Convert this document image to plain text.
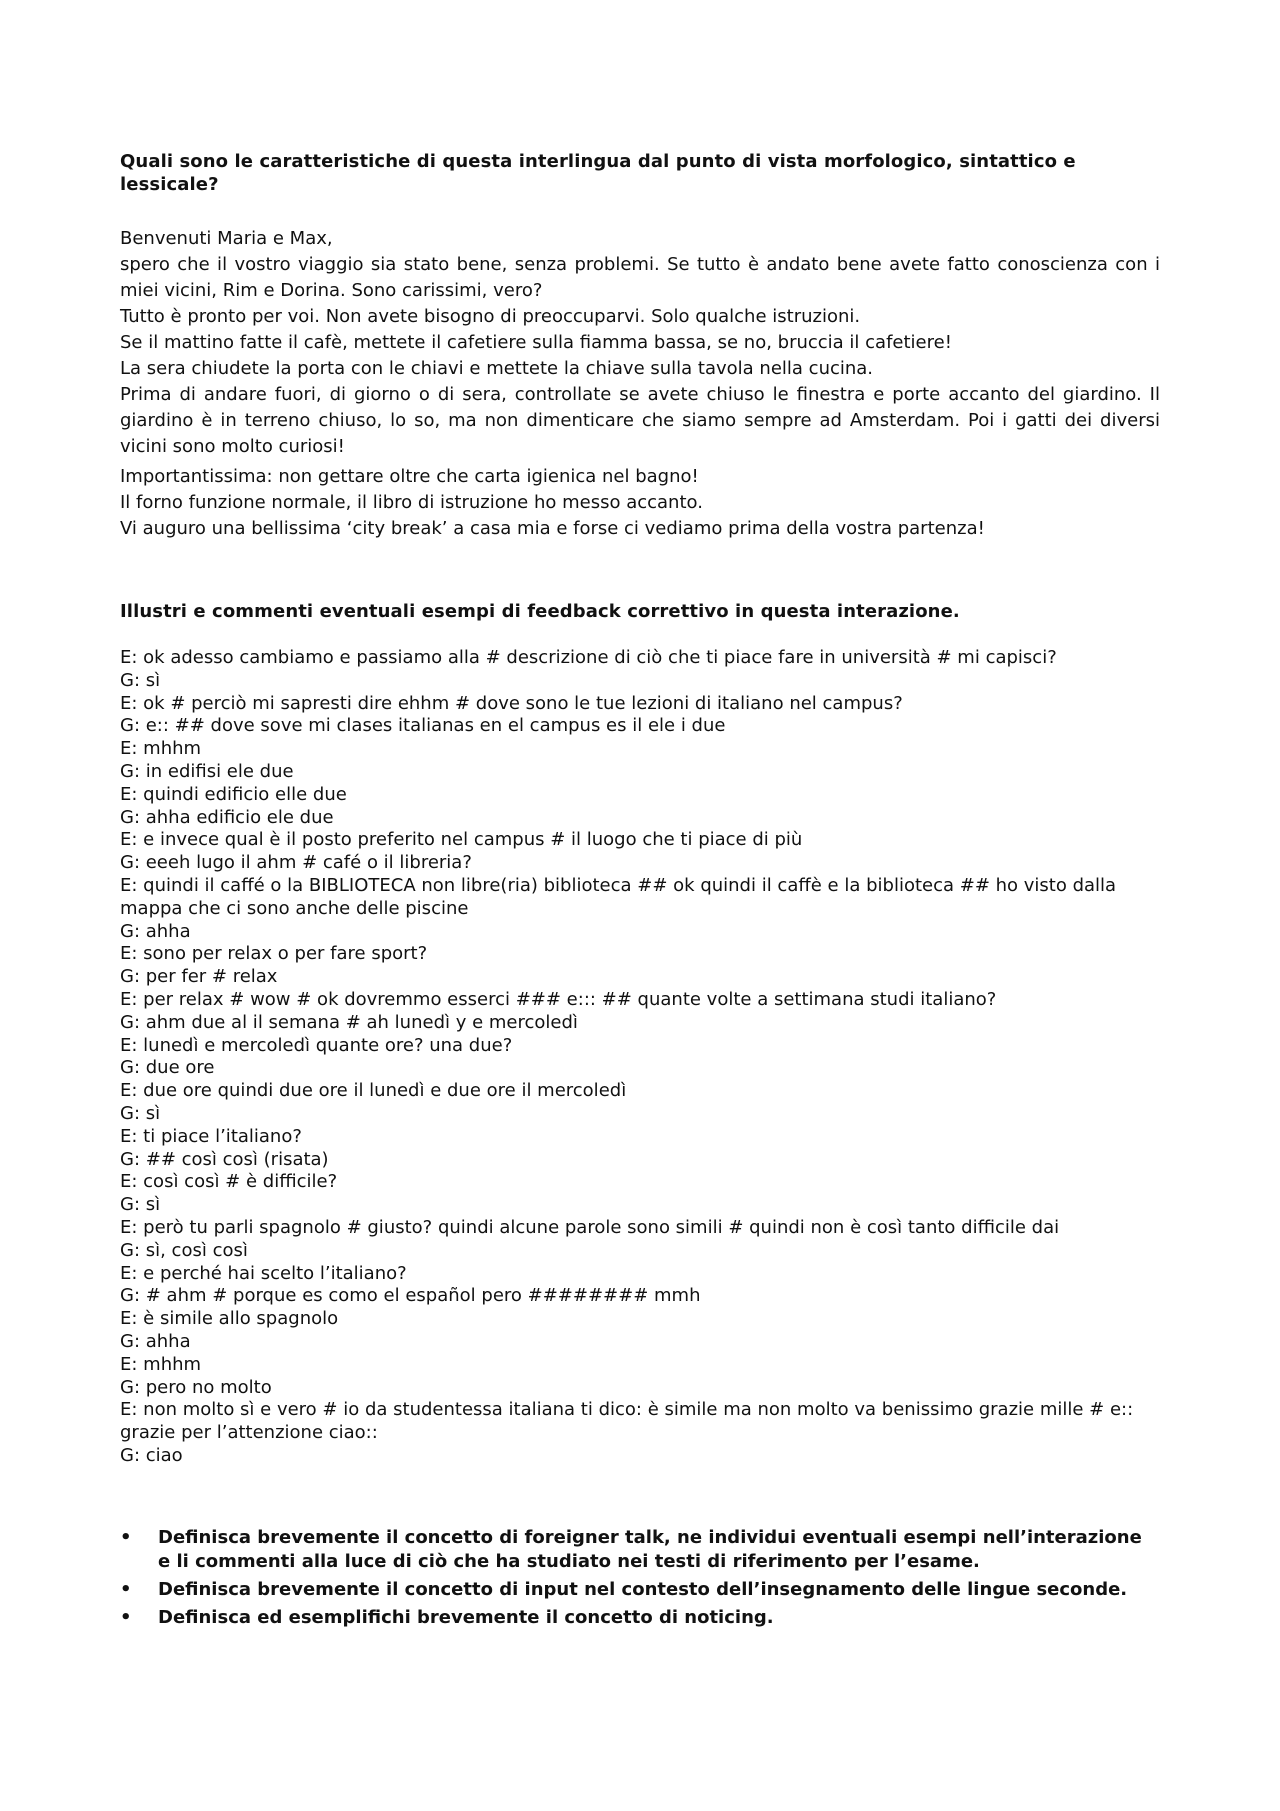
Quali sono le caratteristiche di questa interlingua dal punto di vista morfologico, sintattico e lessicale?

Benvenuti Maria e Max,

spero che il vostro viaggio sia stato bene, senza problemi. Se tutto è andato bene avete fatto conoscienza con i miei vicini, Rim e Dorina. Sono carissimi, vero?

Tutto è pronto per voi. Non avete bisogno di preoccuparvi. Solo qualche istruzioni.

Se il mattino fatte il cafè, mettete il cafetiere sulla fiamma bassa, se no, bruccia il cafetiere!

La sera chiudete la porta con le chiavi e mettete la chiave sulla tavola nella cucina.

Prima di andare fuori, di giorno o di sera, controllate se avete chiuso le finestra e porte accanto del giardino. Il giardino è in terreno chiuso, lo so, ma non dimenticare che siamo sempre ad Amsterdam. Poi i gatti dei diversi vicini sono molto curiosi!

Importantissima: non gettare oltre che carta igienica nel bagno!

Il forno funzione normale, il libro di istruzione ho messo accanto.

Vi auguro una bellissima ‘city break’ a casa mia e forse ci vediamo prima della vostra partenza!

Illustri e commenti eventuali esempi di feedback correttivo in questa interazione.

E: ok adesso cambiamo e passiamo alla # descrizione di ciò che ti piace fare in università # mi capisci?

G: sì

E: ok # perciò mi sapresti dire ehhm # dove sono le tue lezioni di italiano nel campus?

G: e:: ## dove sove mi clases italianas en el campus es il ele i due

E: mhhm

G: in edifisi ele due

E: quindi edificio elle due

G: ahha edificio ele due

E: e invece qual è il posto preferito nel campus # il luogo che ti piace di più

G: eeeh lugo il ahm # café o il libreria?

E: quindi il caffé o la BIBLIOTECA non libre(ria) biblioteca ## ok quindi il caffè e la biblioteca ## ho visto dalla mappa che ci sono anche delle piscine

G: ahha

E: sono per relax o per fare sport?

G: per fer # relax

E: per relax # wow # ok dovremmo esserci ### e::: ## quante volte a settimana studi italiano?

G: ahm due al il semana # ah lunedì y e mercoledì

E: lunedì e mercoledì quante ore? una due?

G: due ore

E: due ore quindi due ore il lunedì e due ore il mercoledì

G: sì

E: ti piace l’italiano?

G: ## così così (risata)

E: così così # è difficile?

G: sì

E: però tu parli spagnolo # giusto? quindi alcune parole sono simili # quindi non è così tanto difficile dai

G: sì, così così

E: e perché hai scelto l’italiano?

G: # ahm # porque es como el español pero ######## mmh

E: è simile allo spagnolo

G: ahha

E: mhhm

G: pero no molto

E: non molto sì e vero # io da studentessa italiana ti dico: è simile ma non molto va benissimo grazie mille # e:: grazie per l’attenzione ciao::

G: ciao

• Definisca brevemente il concetto di foreigner talk, ne individui eventuali esempi nell’interazione e li commenti alla luce di ciò che ha studiato nei testi di riferimento per l’esame.
• Definisca brevemente il concetto di input nel contesto dell’insegnamento delle lingue seconde.
• Definisca ed esemplifichi brevemente il concetto di noticing.
